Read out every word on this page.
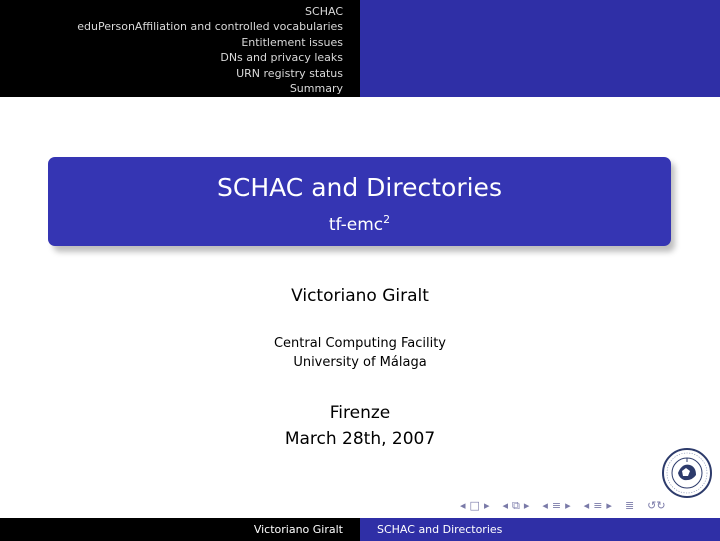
SCHAC
eduPersonAffiliation and controlled vocabularies
Entitlement issues
DNs and privacy leaks
URN registry status
Summary
SCHAC and Directories
tf-emc$^2$
Victoriano Giralt
Central Computing Facility
University of Málaga
Firenze
March 28th, 2007
◂ □ ▸ ◂ ⧉ ▸ ◂ ≡ ▸ ◂ ≡ ▸ ≣ ↺↻
Victoriano Giralt	SCHAC and Directories
